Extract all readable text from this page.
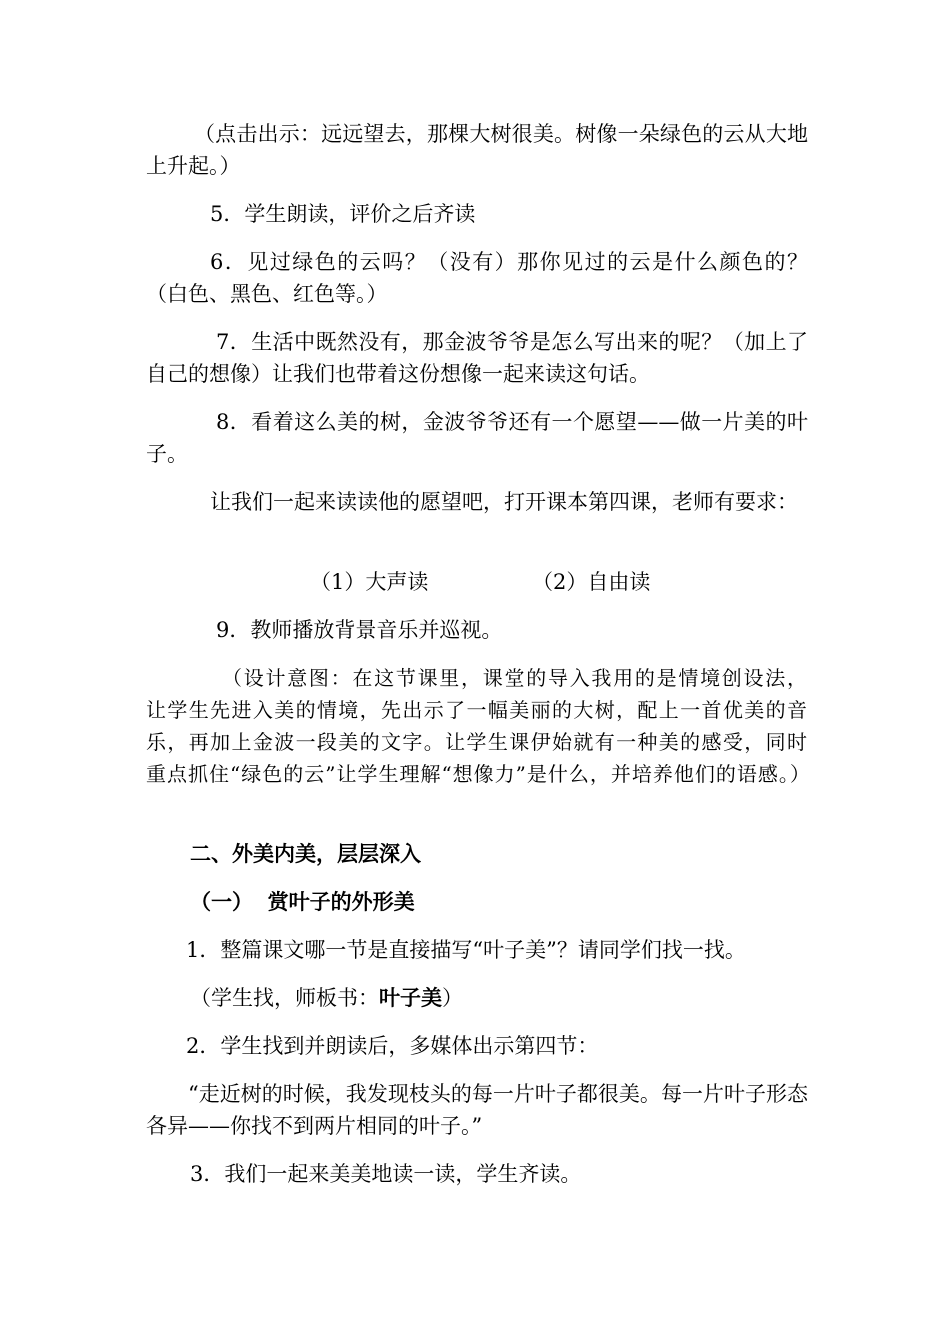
（点击出示：远远望去，那棵大树很美。树像一朵绿色的云从大地上升起。）

5．学生朗读，评价之后齐读

6．见过绿色的云吗？（没有）那你见过的云是什么颜色的？（白色、黑色、红色等。）

7．生活中既然没有，那金波爷爷是怎么写出来的呢？（加上了自己的想像）让我们也带着这份想像一起来读这句话。

8．看着这么美的树，金波爷爷还有一个愿望——做一片美的叶子。

让我们一起来读读他的愿望吧，打开课本第四课，老师有要求：

（1）大声读	（2）自由读
9．教师播放背景音乐并巡视。

（设计意图：在这节课里，课堂的导入我用的是情境创设法，让学生先进入美的情境，先出示了一幅美丽的大树，配上一首优美的音乐，再加上金波一段美的文字。让学生课伊始就有一种美的感受，同时重点抓住“绿色的云”让学生理解“想像力”是什么，并培养他们的语感。）

二、外美内美，层层深入
（一）  赏叶子的外形美
1．整篇课文哪一节是直接描写“叶子美”？请同学们找一找。
（学生找，师板书：叶子美）
2．学生找到并朗读后，多媒体出示第四节：

“走近树的时候，我发现枝头的每一片叶子都很美。每一片叶子形态各异——你找不到两片相同的叶子。”

3．我们一起来美美地读一读，学生齐读。
